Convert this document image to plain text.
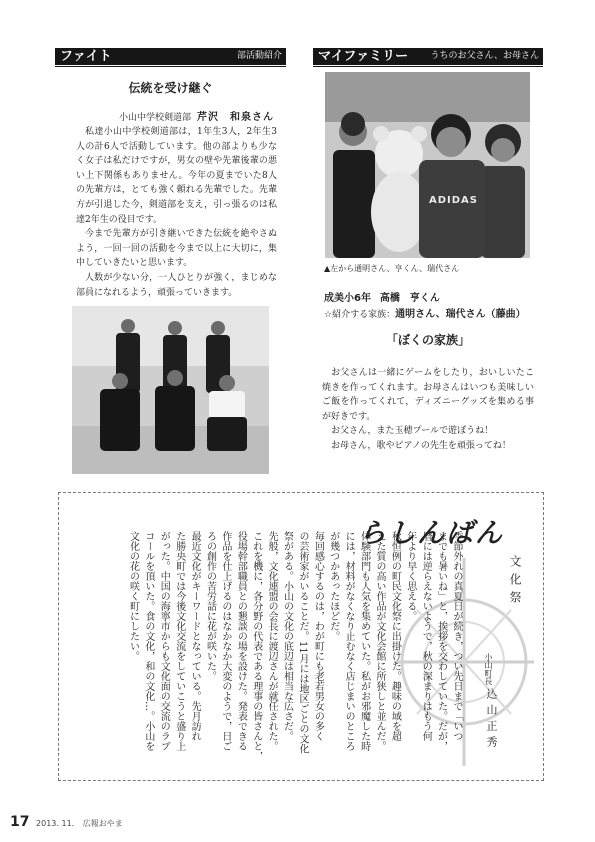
ファイト	部活動紹介
伝統を受け継ぐ
小山中学校剣道部 芹沢　和泉さん

私達小山中学校剣道部は，1年生3人，2年生3人の計6人で活動しています。他の部よりも少なく女子は私だけですが，男女の壁や先輩後輩の悪い上下関係もありません。今年の夏までいた8人の先輩方は，とても強く頼れる先輩でした。先輩方が引退した今，剣道部を支え，引っ張るのは私達2年生の役目です。

今まで先輩方が引き継いできた伝統を絶やさぬよう，一回一回の活動を今まで以上に大切に，集中していきたいと思います。

人数が少ない分，一人ひとりが強く，まじめな部員になれるよう，頑張っていきます。

マイファミリー うちのお父さん、お母さん
ADIDAS
▲左から通明さん、亨くん、瑞代さん
成美小6年 高橋　亨くん
☆紹介する家族：通明さん、瑞代さん（藤曲）
「ぼくの家族」

お父さんは一緒にゲームをしたり，おいしいたこ焼きを作ってくれます。お母さんはいつも美味しいご飯を作ってくれて，ディズニーグッズを集める事が好きです。

お父さん，また玉穂プールで遊ぼうね！

お母さん，歌やピアノの先生を頑張ってね！

らしんばん
文化祭
小山町長
込山正秀
季節外れの真夏日が続き，つい先日まで「いつ
までも暑いね」と，挨拶を交わしていた。だが，
暦には逆らえないようで，秋の深まりはもう何
年より早く思える。
秋恒例の町民文化祭に出掛けた。趣味の域を超
えた質の高い作品が文化会館に所狭しと並んだ。
体験部門も人気を集めていた。私がお邪魔した時
には，材料がなくなり止むなく店じまいのところ
が幾つかあったほどだ。
毎回感心するのは，わが町にも老若男女の多く
の芸術家がいることだ。11月には地区ごとの文化
祭がある。小山の文化の底辺は相当な広さだ。
先般，文化連盟の会長に渡辺さんが就任された。
これを機に，各分野の代表である理事の皆さんと，
役場幹部職員との懇談の場を設けた。発表できる
作品を仕上げるのはなかなか大変のようで，日ご
ろの創作の苦労話に花が咲いた。
最近文化がキーワードとなっている。先月訪れ
た勝央町では今後文化交流をしていこうと盛り上
がった。中国の海寧市からも文化面の交流のラブ
コールを頂いた。食の文化，和の文化…。小山を
文化の花の咲く町にしたい。
17 2013. 11. 広報おやま
